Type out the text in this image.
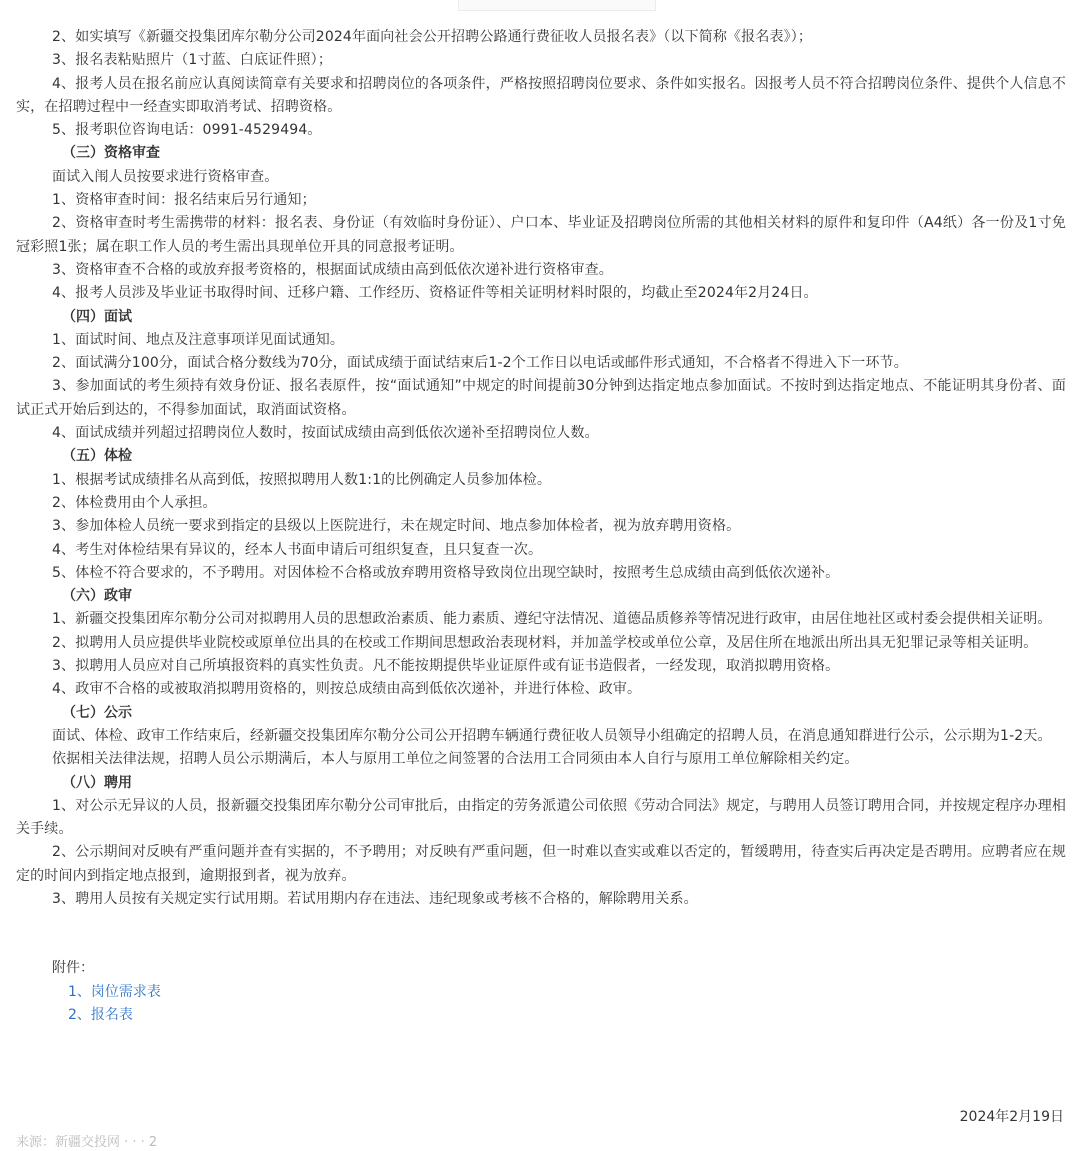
2、如实填写《新疆交投集团库尔勒分公司2024年面向社会公开招聘公路通行费征收人员报名表》（以下简称《报名表》）；

3、报名表粘贴照片（1寸蓝、白底证件照）；

4、报考人员在报名前应认真阅读简章有关要求和招聘岗位的各项条件，严格按照招聘岗位要求、条件如实报名。因报考人员不符合招聘岗位条件、提供个人信息不实，在招聘过程中一经查实即取消考试、招聘资格。

5、报考职位咨询电话：0991-4529494。

（三）资格审查

面试入闱人员按要求进行资格审查。

1、资格审查时间：报名结束后另行通知；

2、资格审查时考生需携带的材料：报名表、身份证（有效临时身份证）、户口本、毕业证及招聘岗位所需的其他相关材料的原件和复印件（A4纸）各一份及1寸免冠彩照1张；属在职工作人员的考生需出具现单位开具的同意报考证明。

3、资格审查不合格的或放弃报考资格的，根据面试成绩由高到低依次递补进行资格审查。

4、报考人员涉及毕业证书取得时间、迁移户籍、工作经历、资格证件等相关证明材料时限的，均截止至2024年2月24日。

（四）面试

1、面试时间、地点及注意事项详见面试通知。

2、面试满分100分，面试合格分数线为70分，面试成绩于面试结束后1-2个工作日以电话或邮件形式通知，不合格者不得进入下一环节。

3、参加面试的考生须持有效身份证、报名表原件，按“面试通知”中规定的时间提前30分钟到达指定地点参加面试。不按时到达指定地点、不能证明其身份者、面试正式开始后到达的，不得参加面试，取消面试资格。

4、面试成绩并列超过招聘岗位人数时，按面试成绩由高到低依次递补至招聘岗位人数。

（五）体检

1、根据考试成绩排名从高到低，按照拟聘用人数1:1的比例确定人员参加体检。

2、体检费用由个人承担。

3、参加体检人员统一要求到指定的县级以上医院进行，未在规定时间、地点参加体检者，视为放弃聘用资格。

4、考生对体检结果有异议的，经本人书面申请后可组织复查，且只复查一次。

5、体检不符合要求的，不予聘用。对因体检不合格或放弃聘用资格导致岗位出现空缺时，按照考生总成绩由高到低依次递补。

（六）政审

1、新疆交投集团库尔勒分公司对拟聘用人员的思想政治素质、能力素质、遵纪守法情况、道德品质修养等情况进行政审，由居住地社区或村委会提供相关证明。

2、拟聘用人员应提供毕业院校或原单位出具的在校或工作期间思想政治表现材料，并加盖学校或单位公章，及居住所在地派出所出具无犯罪记录等相关证明。

3、拟聘用人员应对自己所填报资料的真实性负责。凡不能按期提供毕业证原件或有证书造假者，一经发现，取消拟聘用资格。

4、政审不合格的或被取消拟聘用资格的，则按总成绩由高到低依次递补，并进行体检、政审。

（七）公示

面试、体检、政审工作结束后，经新疆交投集团库尔勒分公司公开招聘车辆通行费征收人员领导小组确定的招聘人员，在消息通知群进行公示，公示期为1-2天。

依据相关法律法规，招聘人员公示期满后，本人与原用工单位之间签署的合法用工合同须由本人自行与原用工单位解除相关约定。

（八）聘用

1、对公示无异议的人员，报新疆交投集团库尔勒分公司审批后，由指定的劳务派遣公司依照《劳动合同法》规定，与聘用人员签订聘用合同，并按规定程序办理相关手续。

2、公示期间对反映有严重问题并查有实据的，不予聘用；对反映有严重问题，但一时难以查实或难以否定的，暂缓聘用，待查实后再决定是否聘用。应聘者应在规定的时间内到指定地点报到，逾期报到者，视为放弃。

3、聘用人员按有关规定实行试用期。若试用期内存在违法、违纪现象或考核不合格的，解除聘用关系。

附件：

1、岗位需求表
2、报名表
2024年2月19日
来源：新疆交投网 · · · 2
